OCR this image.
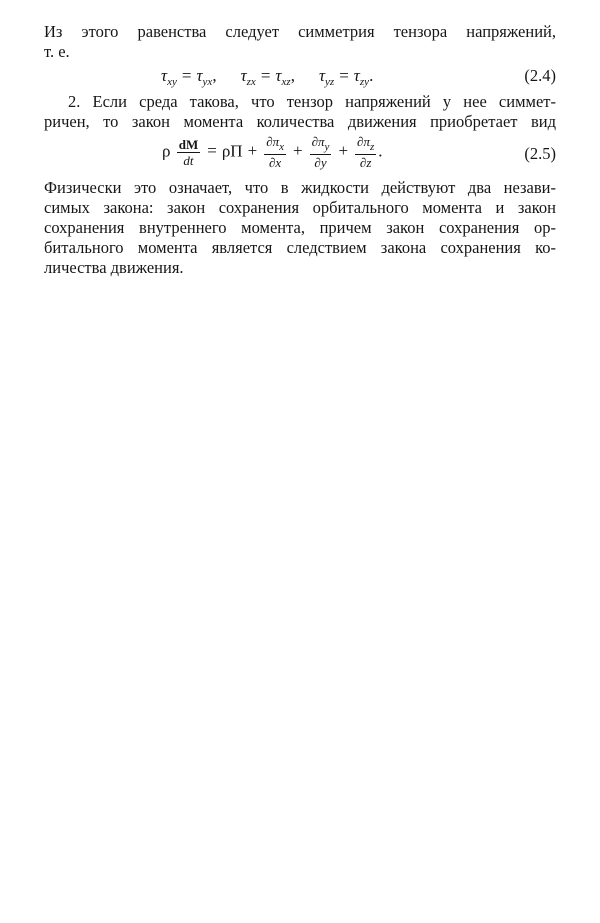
Из этого равенства следует симметрия тензора напряжений,
т. е.
$\tau_{xy} = \tau_{yx}$, $\tau_{zx} = \tau_{xz}$, $\tau_{yz} = \tau_{zy}$.	(2.4)
2. Если среда такова, что тензор напряжений у нее симмет-
ричен, то закон момента количества движения приобретает вид
ρ $\frac{dM}{dt} = \rho\Pi + \frac{\partial\pi_x}{\partial x} + \frac{\partial\pi_y}{\partial y} + \frac{\partial\pi_z}{\partial z}$ .	(2.5)
Физически это означает, что в жидкости действуют два незави-
симых закона: закон сохранения орбитального момента и закон
сохранения внутреннего момента, причем закон сохранения ор-
битального момента является следствием закона сохранения ко-
личества движения.
